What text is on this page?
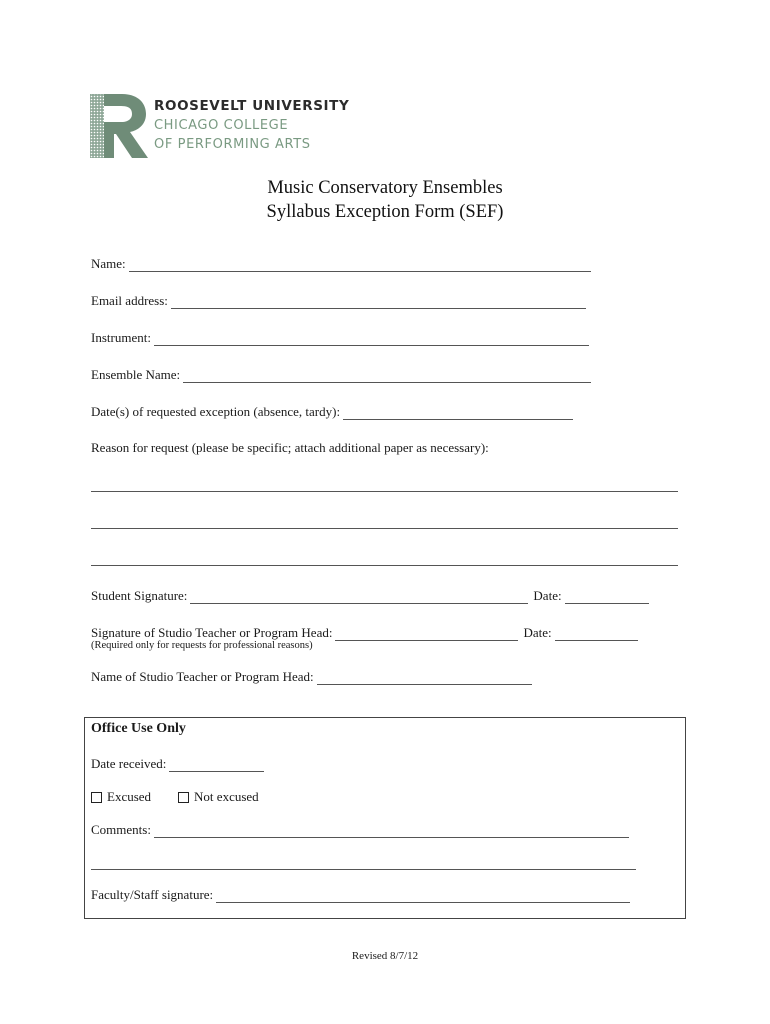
ROOSEVELT UNIVERSITY
CHICAGO COLLEGE
OF PERFORMING ARTS
Music Conservatory Ensembles
Syllabus Exception Form (SEF)
Name:
Email address:
Instrument:
Ensemble Name:
Date(s) of requested exception (absence, tardy):
Reason for request (please be specific; attach additional paper as necessary):
Student Signature:	Date:
Signature of Studio Teacher or Program Head:	Date:
(Required only for requests for professional reasons)
Name of Studio Teacher or Program Head:
Office Use Only
Date received:
Excused	Not excused
Comments:
Faculty/Staff signature:
Revised 8/7/12
